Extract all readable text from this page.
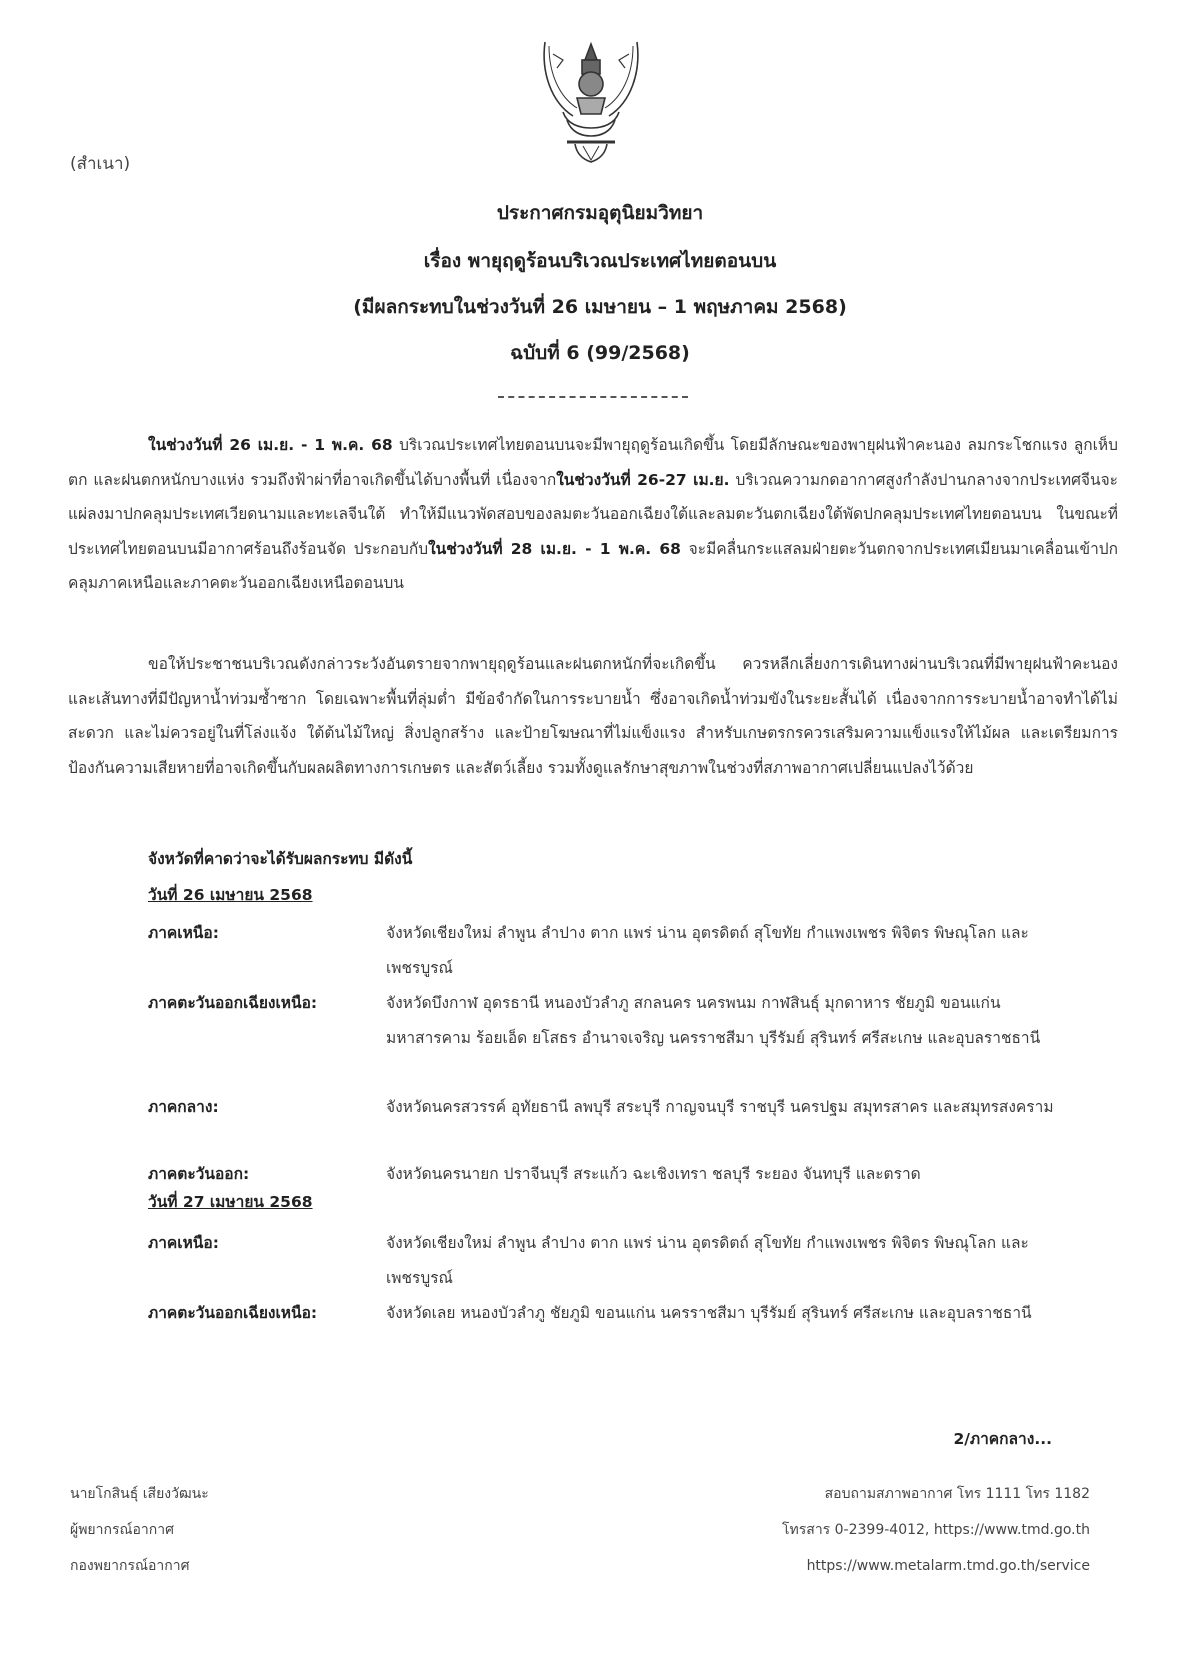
(สำเนา)
ประกาศกรมอุตุนิยมวิทยา
เรื่อง พายุฤดูร้อนบริเวณประเทศไทยตอนบน
(มีผลกระทบในช่วงวันที่ 26 เมษายน – 1 พฤษภาคม 2568)
ฉบับที่ 6 (99/2568)
ในช่วงวันที่ 26 เม.ย. - 1 พ.ค. 68 บริเวณประเทศไทยตอนบนจะมีพายุฤดูร้อนเกิดขึ้น โดยมีลักษณะของพายุฝนฟ้าคะนอง ลมกระโชกแรง ลูกเห็บตก และฝนตกหนักบางแห่ง รวมถึงฟ้าผ่าที่อาจเกิดขึ้นได้บางพื้นที่ เนื่องจากในช่วงวันที่ 26-27 เม.ย. บริเวณความกดอากาศสูงกำลังปานกลางจากประเทศจีนจะแผ่ลงมาปกคลุมประเทศเวียดนามและทะเลจีนใต้ ทำให้มีแนวพัดสอบของลมตะวันออกเฉียงใต้และลมตะวันตกเฉียงใต้พัดปกคลุมประเทศไทยตอนบน ในขณะที่ประเทศไทยตอนบนมีอากาศร้อนถึงร้อนจัด ประกอบกับในช่วงวันที่ 28 เม.ย. - 1 พ.ค. 68 จะมีคลื่นกระแสลมฝ่ายตะวันตกจากประเทศเมียนมาเคลื่อนเข้าปกคลุมภาคเหนือและภาคตะวันออกเฉียงเหนือตอนบน
ขอให้ประชาชนบริเวณดังกล่าวระวังอันตรายจากพายุฤดูร้อนและฝนตกหนักที่จะเกิดขึ้น ควรหลีกเลี่ยงการเดินทางผ่านบริเวณที่มีพายุฝนฟ้าคะนองและเส้นทางที่มีปัญหาน้ำท่วมซ้ำซาก โดยเฉพาะพื้นที่ลุ่มต่ำ มีข้อจำกัดในการระบายน้ำ ซึ่งอาจเกิดน้ำท่วมขังในระยะสั้นได้ เนื่องจากการระบายน้ำอาจทำได้ไม่สะดวก และไม่ควรอยู่ในที่โล่งแจ้ง ใต้ต้นไม้ใหญ่ สิ่งปลูกสร้าง และป้ายโฆษณาที่ไม่แข็งแรง สำหรับเกษตรกรควรเสริมความแข็งแรงให้ไม้ผล และเตรียมการป้องกันความเสียหายที่อาจเกิดขึ้นกับผลผลิตทางการเกษตร และสัตว์เลี้ยง รวมทั้งดูแลรักษาสุขภาพในช่วงที่สภาพอากาศเปลี่ยนแปลงไว้ด้วย
จังหวัดที่คาดว่าจะได้รับผลกระทบ มีดังนี้
วันที่ 26 เมษายน 2568
ภาคเหนือ:	จังหวัดเชียงใหม่ ลำพูน ลำปาง ตาก แพร่ น่าน อุตรดิตถ์ สุโขทัย กำแพงเพชร พิจิตร พิษณุโลก และเพชรบูรณ์
ภาคตะวันออกเฉียงเหนือ:	จังหวัดบึงกาฬ อุดรธานี หนองบัวลำภู สกลนคร นครพนม กาฬสินธุ์ มุกดาหาร ชัยภูมิ ขอนแก่น มหาสารคาม ร้อยเอ็ด ยโสธร อำนาจเจริญ นครราชสีมา บุรีรัมย์ สุรินทร์ ศรีสะเกษ และอุบลราชธานี
ภาคกลาง:	จังหวัดนครสวรรค์ อุทัยธานี ลพบุรี สระบุรี กาญจนบุรี ราชบุรี นครปฐม สมุทรสาคร และสมุทรสงคราม
ภาคตะวันออก:	จังหวัดนครนายก ปราจีนบุรี สระแก้ว ฉะเชิงเทรา ชลบุรี ระยอง จันทบุรี และตราด
วันที่ 27 เมษายน 2568
ภาคเหนือ:	จังหวัดเชียงใหม่ ลำพูน ลำปาง ตาก แพร่ น่าน อุตรดิตถ์ สุโขทัย กำแพงเพชร พิจิตร พิษณุโลก และเพชรบูรณ์
ภาคตะวันออกเฉียงเหนือ:	จังหวัดเลย หนองบัวลำภู ชัยภูมิ ขอนแก่น นครราชสีมา บุรีรัมย์ สุรินทร์ ศรีสะเกษ และอุบลราชธานี
2/ภาคกลาง...
นายโกสินธุ์ เสียงวัฒนะ
ผู้พยากรณ์อากาศ
กองพยากรณ์อากาศ
สอบถามสภาพอากาศ โทร 1111 โทร 1182
โทรสาร 0-2399-4012, https://www.tmd.go.th
https://www.metalarm.tmd.go.th/service
